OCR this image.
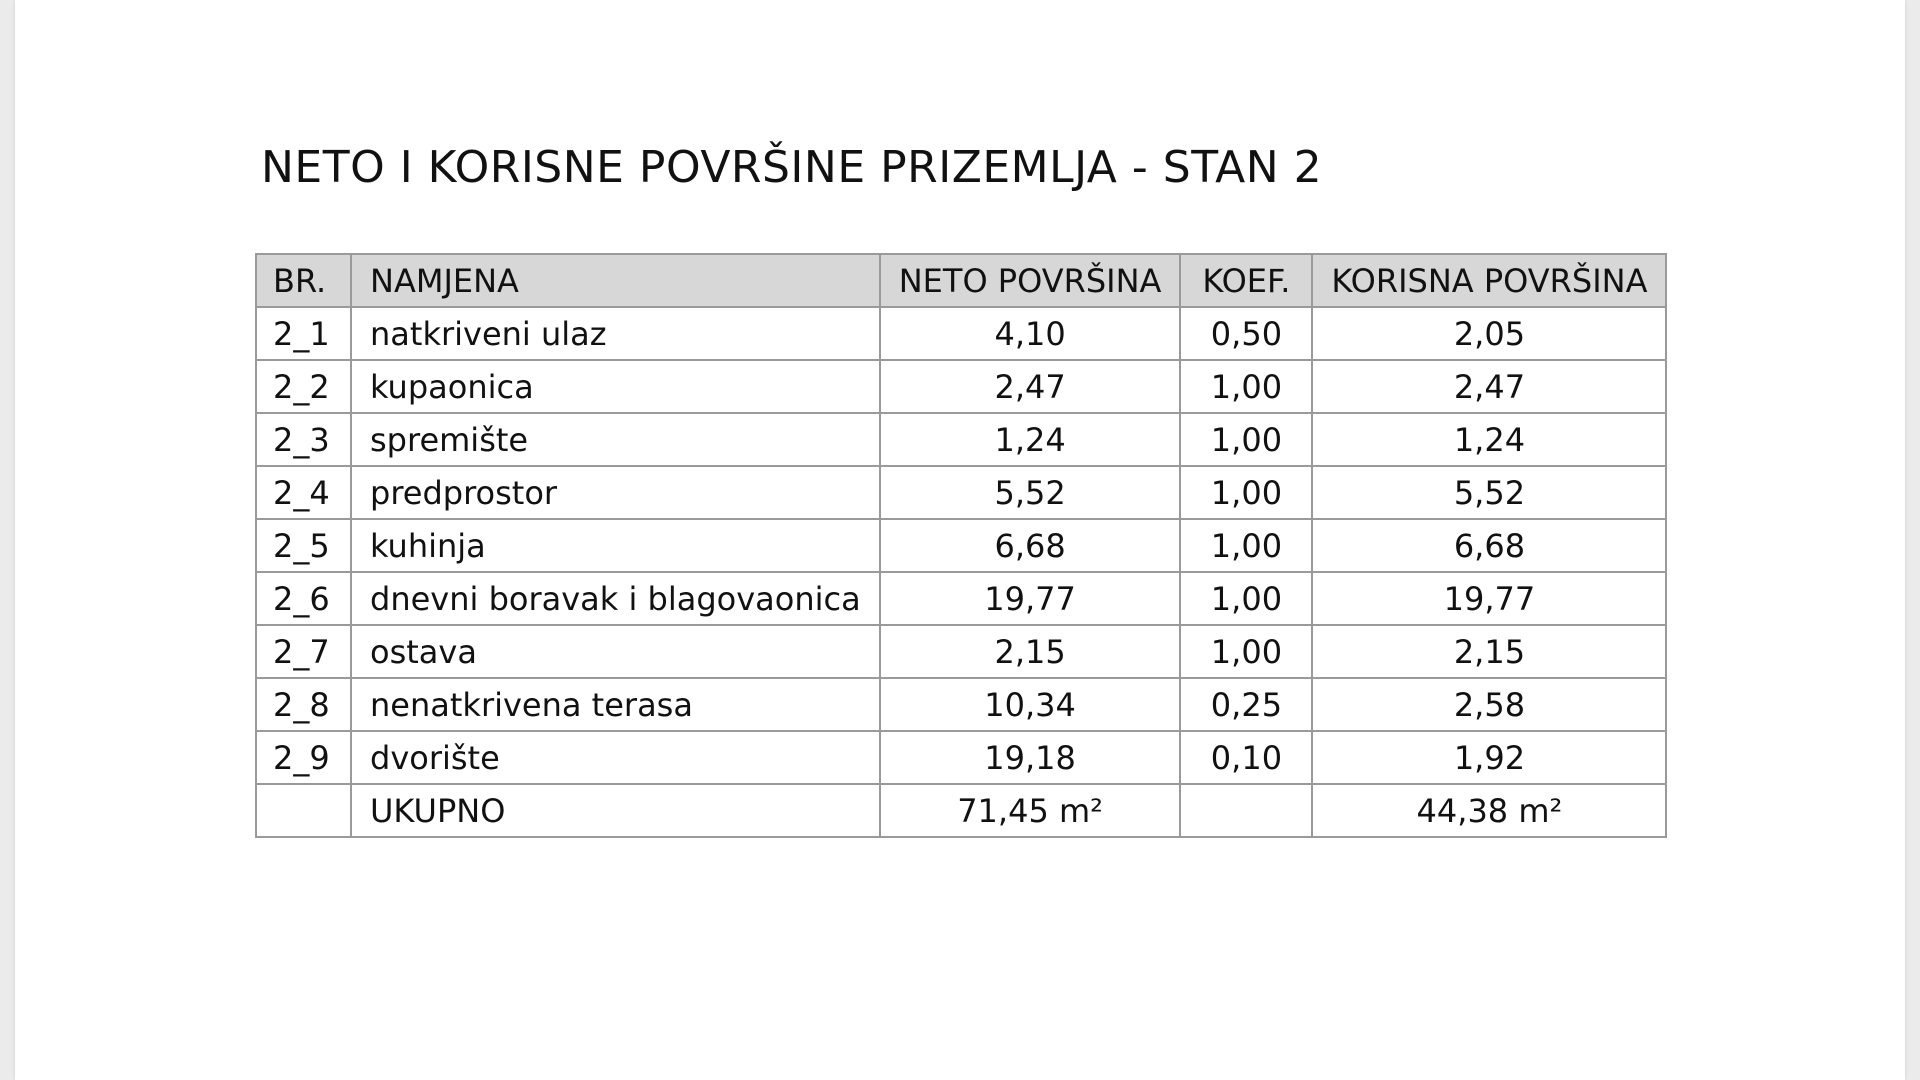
NETO I KORISNE POVRŠINE PRIZEMLJA - STAN 2
BR.	NAMJENA	NETO POVRŠINA	KOEF.	KORISNA POVRŠINA
2_1	natkriveni ulaz	4,10	0,50	2,05
2_2	kupaonica	2,47	1,00	2,47
2_3	spremište	1,24	1,00	1,24
2_4	predprostor	5,52	1,00	5,52
2_5	kuhinja	6,68	1,00	6,68
2_6	dnevni boravak i blagovaonica	19,77	1,00	19,77
2_7	ostava	2,15	1,00	2,15
2_8	nenatkrivena terasa	10,34	0,25	2,58
2_9	dvorište	19,18	0,10	1,92
	UKUPNO	71,45 m²		44,38 m²
